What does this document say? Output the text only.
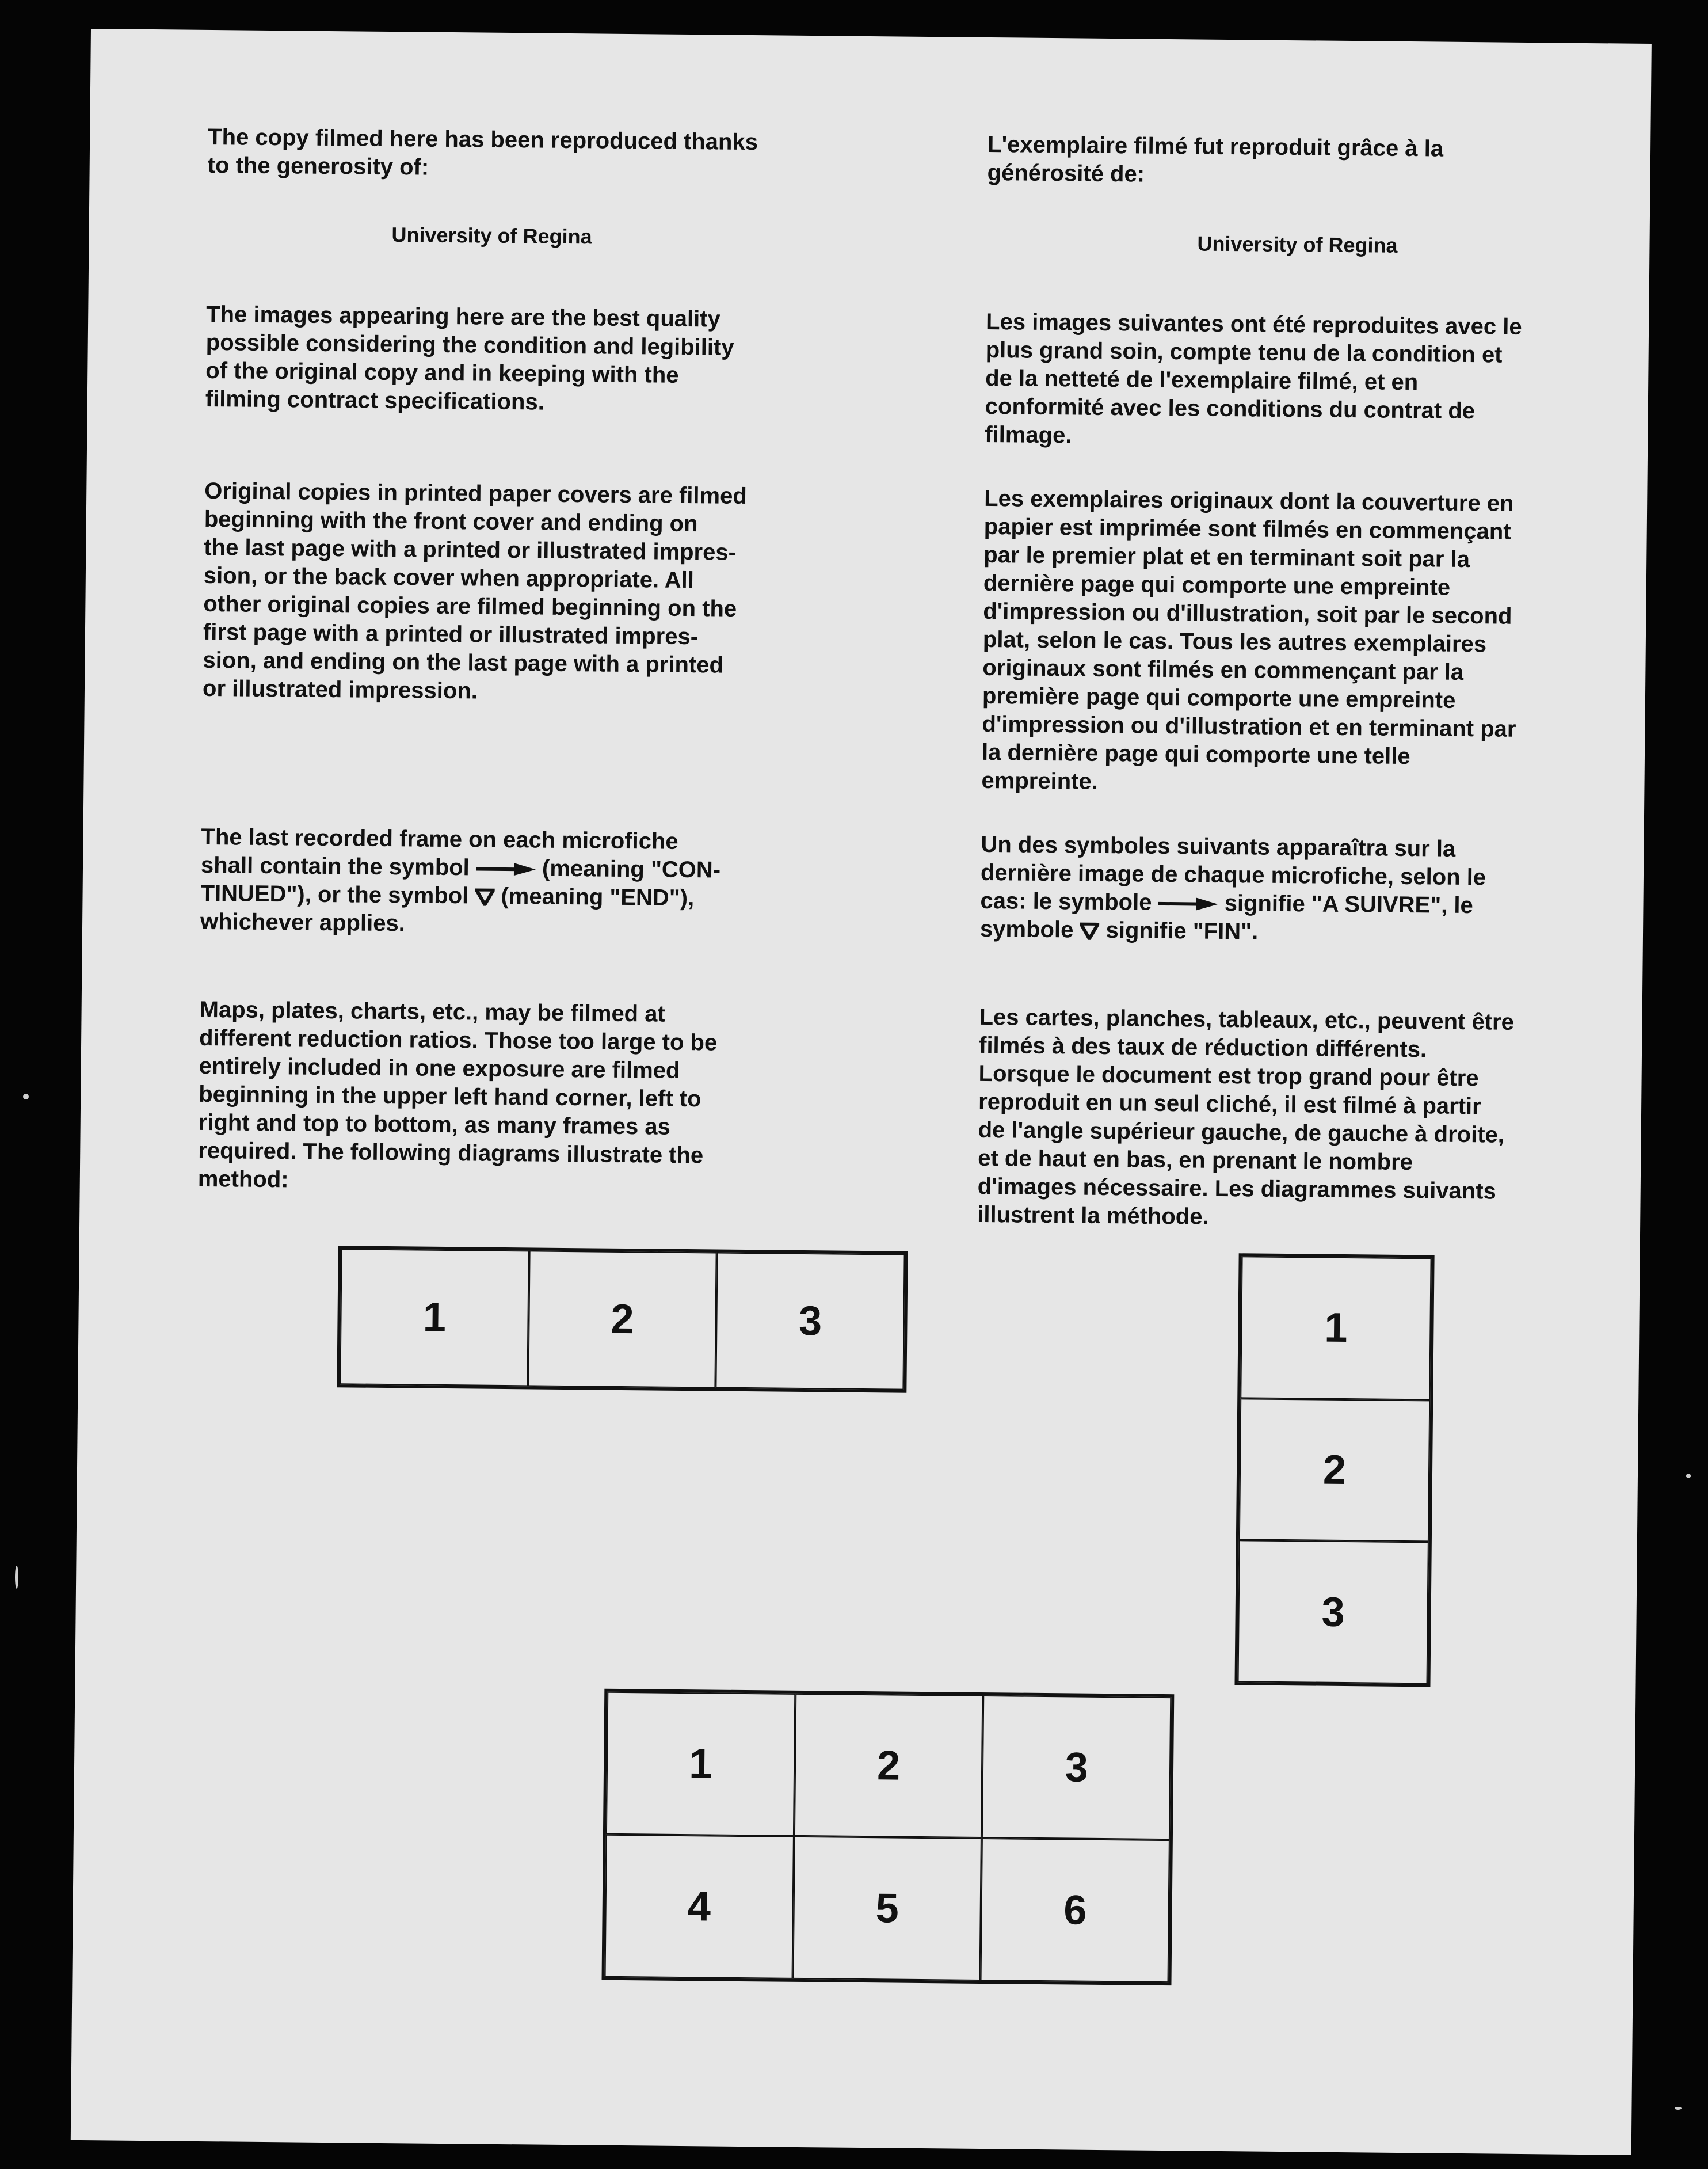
The copy filmed here has been reproduced thanks
to the generosity of:

University of Regina

The images appearing here are the best quality
possible considering the condition and legibility
of the original copy and in keeping with the
filming contract specifications.

Original copies in printed paper covers are filmed
beginning with the front cover and ending on
the last page with a printed or illustrated impres-
sion, or the back cover when appropriate. All
other original copies are filmed beginning on the
first page with a printed or illustrated impres-
sion, and ending on the last page with a printed
or illustrated impression.

The last recorded frame on each microfiche
shall contain the symbol	(meaning "CON-
TINUED"), or the symbol (meaning "END"),
whichever applies.

Maps, plates, charts, etc., may be filmed at
different reduction ratios. Those too large to be
entirely included in one exposure are filmed
beginning in the upper left hand corner, left to
right and top to bottom, as many frames as
required. The following diagrams illustrate the
method:

L'exemplaire filmé fut reproduit grâce à la
générosité de:

University of Regina

Les images suivantes ont été reproduites avec le
plus grand soin, compte tenu de la condition et
de la netteté de l'exemplaire filmé, et en
conformité avec les conditions du contrat de
filmage.

Les exemplaires originaux dont la couverture en
papier est imprimée sont filmés en commençant
par le premier plat et en terminant soit par la
dernière page qui comporte une empreinte
d'impression ou d'illustration, soit par le second
plat, selon le cas. Tous les autres exemplaires
originaux sont filmés en commençant par la
première page qui comporte une empreinte
d'impression ou d'illustration et en terminant par
la dernière page qui comporte une telle
empreinte.

Un des symboles suivants apparaîtra sur la
dernière image de chaque microfiche, selon le
cas: le symbole	signifie "A SUIVRE", le
symbole signifie "FIN".

Les cartes, planches, tableaux, etc., peuvent être
filmés à des taux de réduction différents.
Lorsque le document est trop grand pour être
reproduit en un seul cliché, il est filmé à partir
de l'angle supérieur gauche, de gauche à droite,
et de haut en bas, en prenant le nombre
d'images nécessaire. Les diagrammes suivants
illustrent la méthode.

1	2	3	1
2
3
1	2	3
4	5	6
